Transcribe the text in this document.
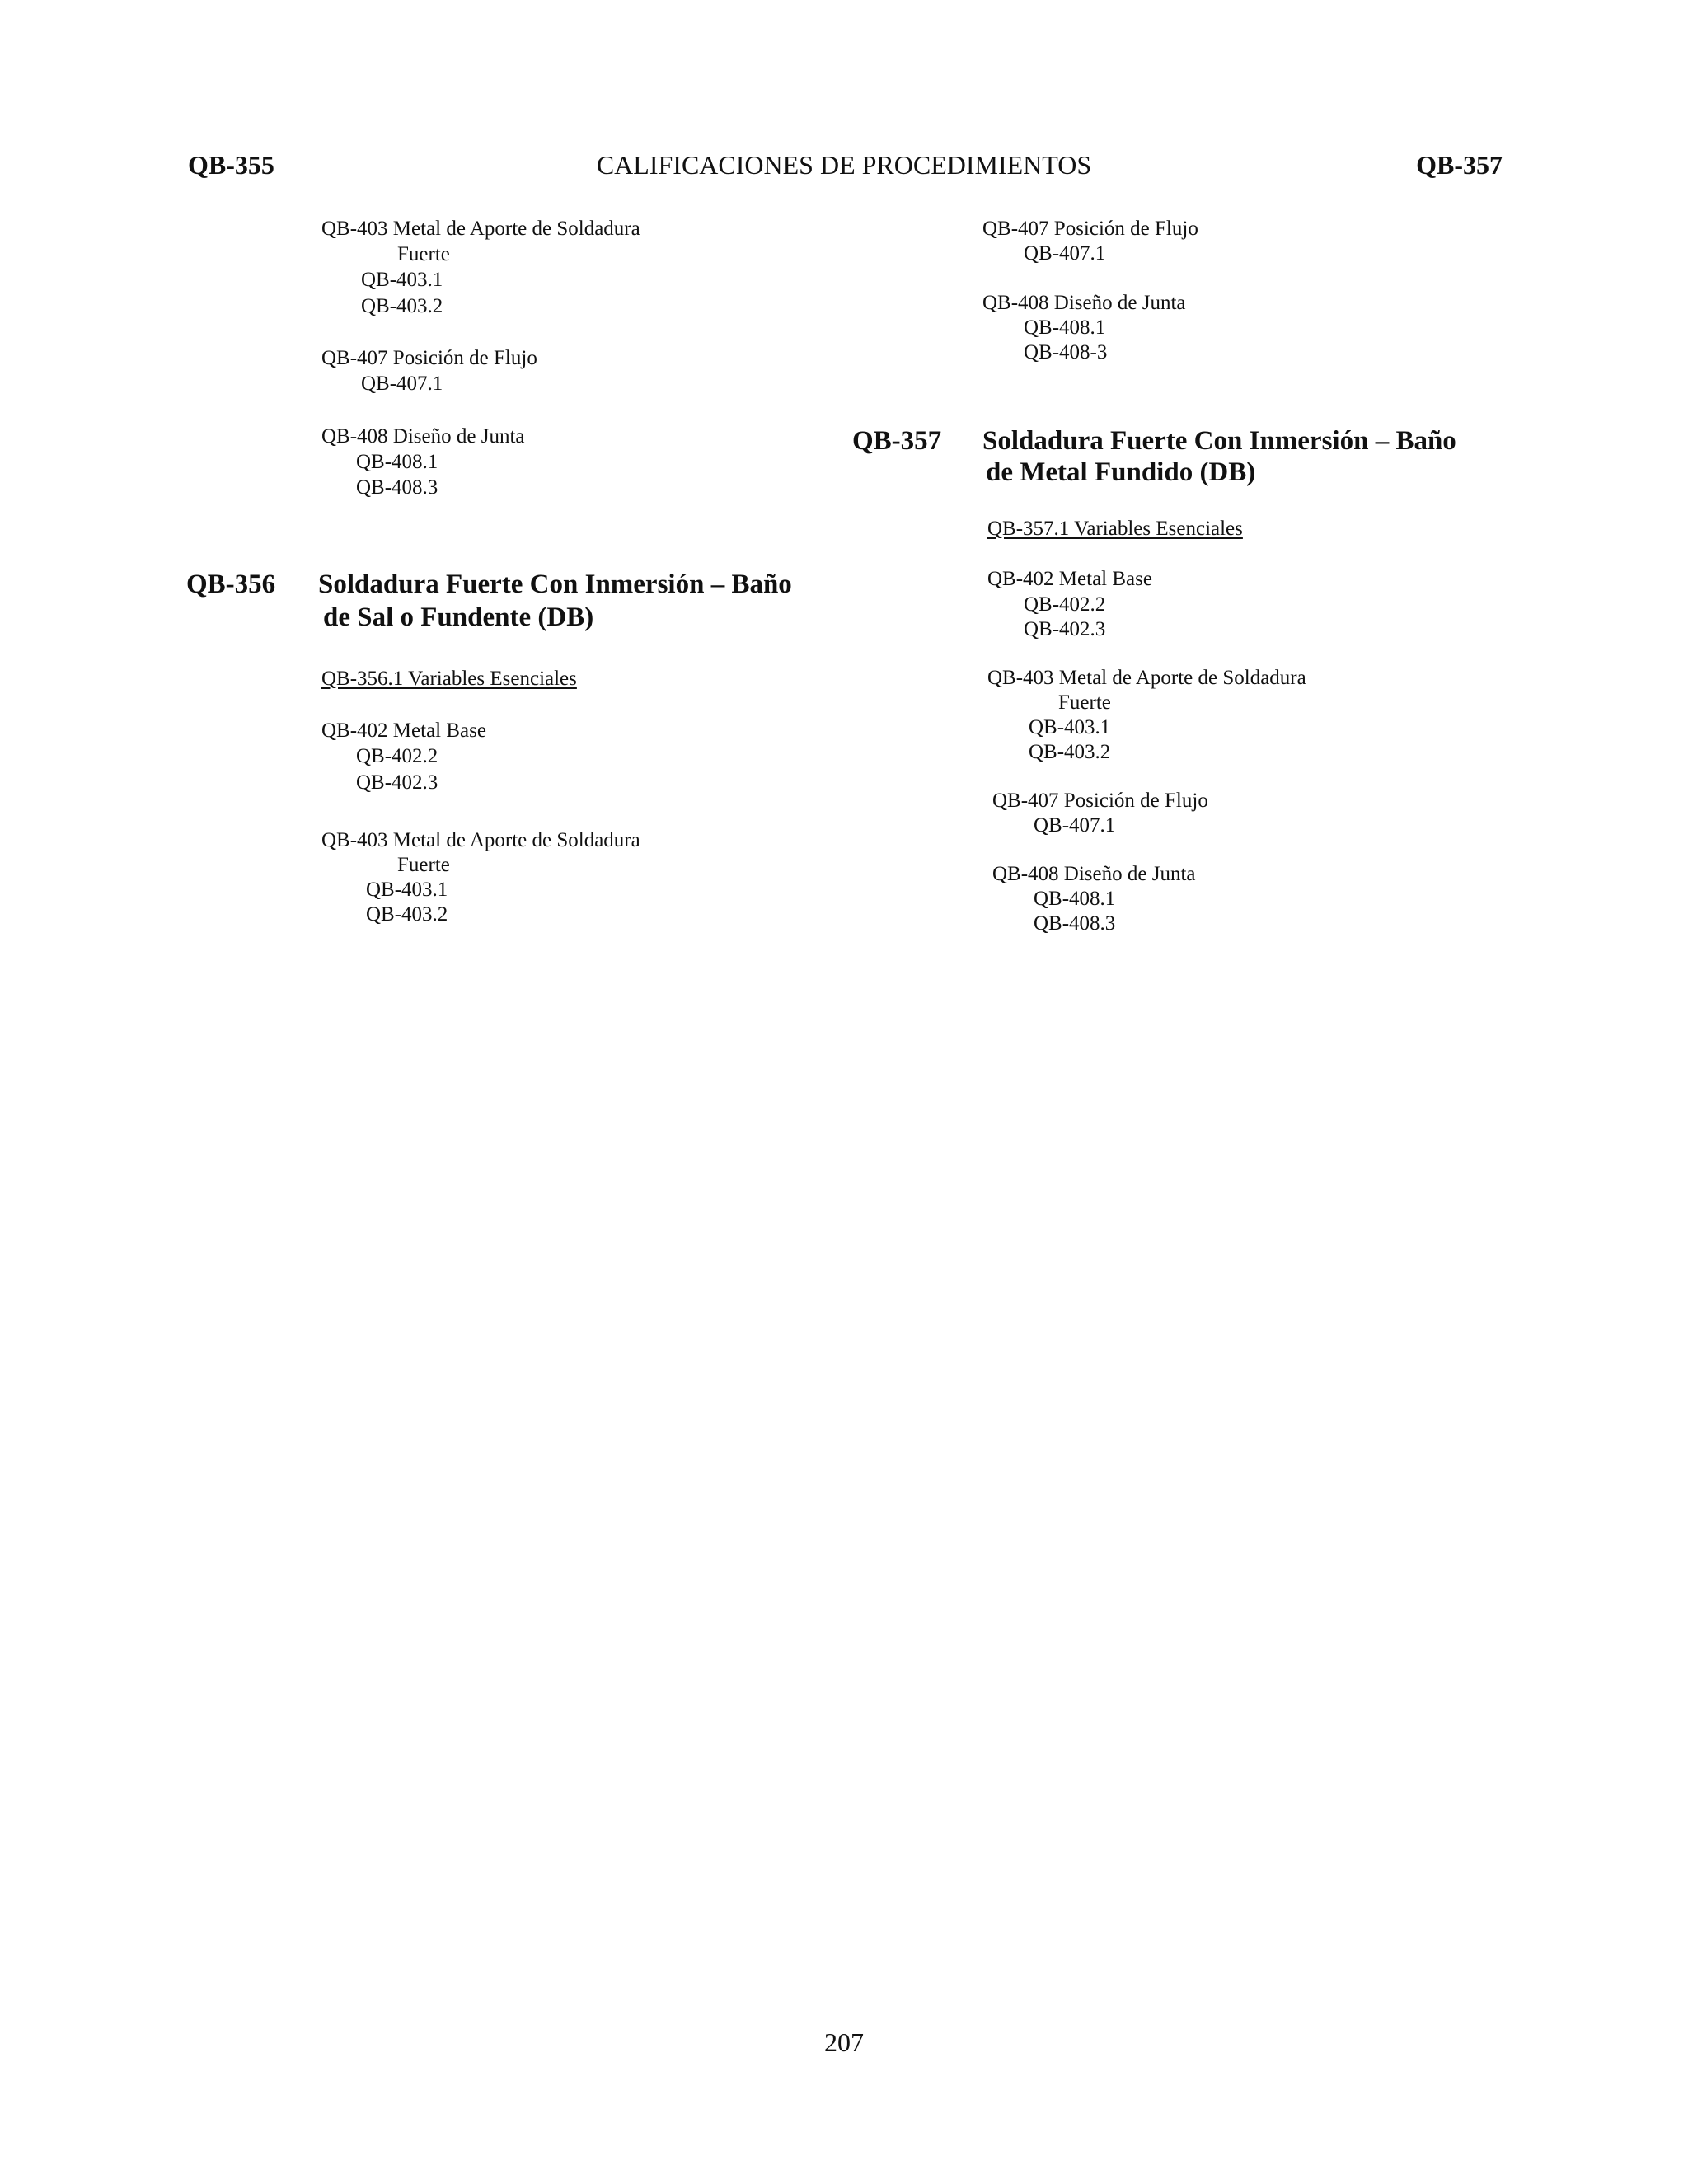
QB-355	CALIFICACIONES DE PROCEDIMIENTOS	QB-357
QB-403 Metal de Aporte de Soldadura
Fuerte
QB-403.1
QB-403.2
QB-407 Posición de Flujo
QB-407.1
QB-408 Diseño de Junta
QB-408.1
QB-408.3
QB-356 Soldadura Fuerte Con Inmersión – Baño
de Sal o Fundente (DB)
QB-356.1 Variables Esenciales
QB-402 Metal Base
QB-402.2
QB-402.3
QB-403 Metal de Aporte de Soldadura
Fuerte
QB-403.1
QB-403.2
QB-407 Posición de Flujo
QB-407.1
QB-408 Diseño de Junta
QB-408.1
QB-408-3
QB-357 Soldadura Fuerte Con Inmersión – Baño
de Metal Fundido (DB)
QB-357.1 Variables Esenciales
QB-402 Metal Base
QB-402.2
QB-402.3
QB-403 Metal de Aporte de Soldadura
Fuerte
QB-403.1
QB-403.2
QB-407 Posición de Flujo
QB-407.1
QB-408 Diseño de Junta
QB-408.1
QB-408.3
207
